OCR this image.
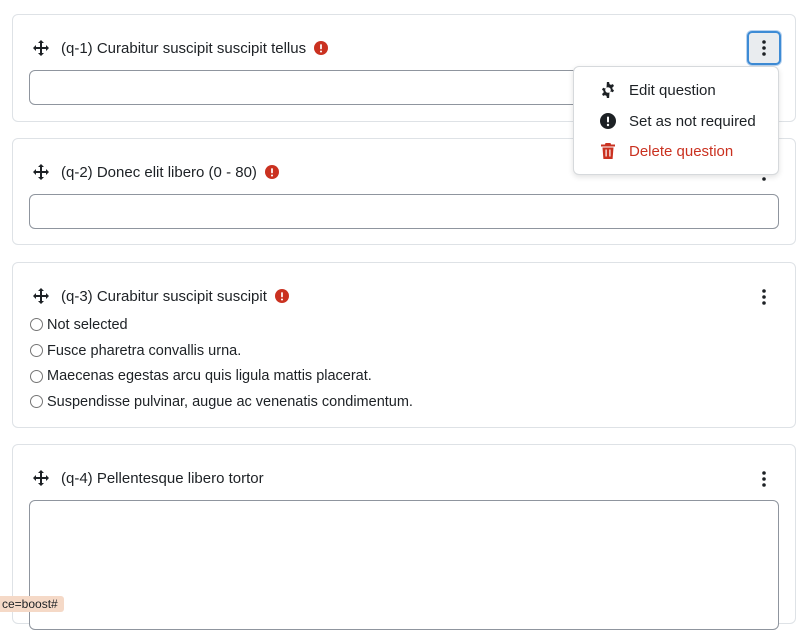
(q-1) Curabitur suscipit suscipit tellus
(q-2) Donec elit libero (0 - 80)
(q-3) Curabitur suscipit suscipit
Not selected
Fusce pharetra convallis urna.
Maecenas egestas arcu quis ligula mattis placerat.
Suspendisse pulvinar, augue ac venenatis condimentum.
(q-4) Pellentesque libero tortor
Edit question
Set as not required
Delete question
ce=boost#
